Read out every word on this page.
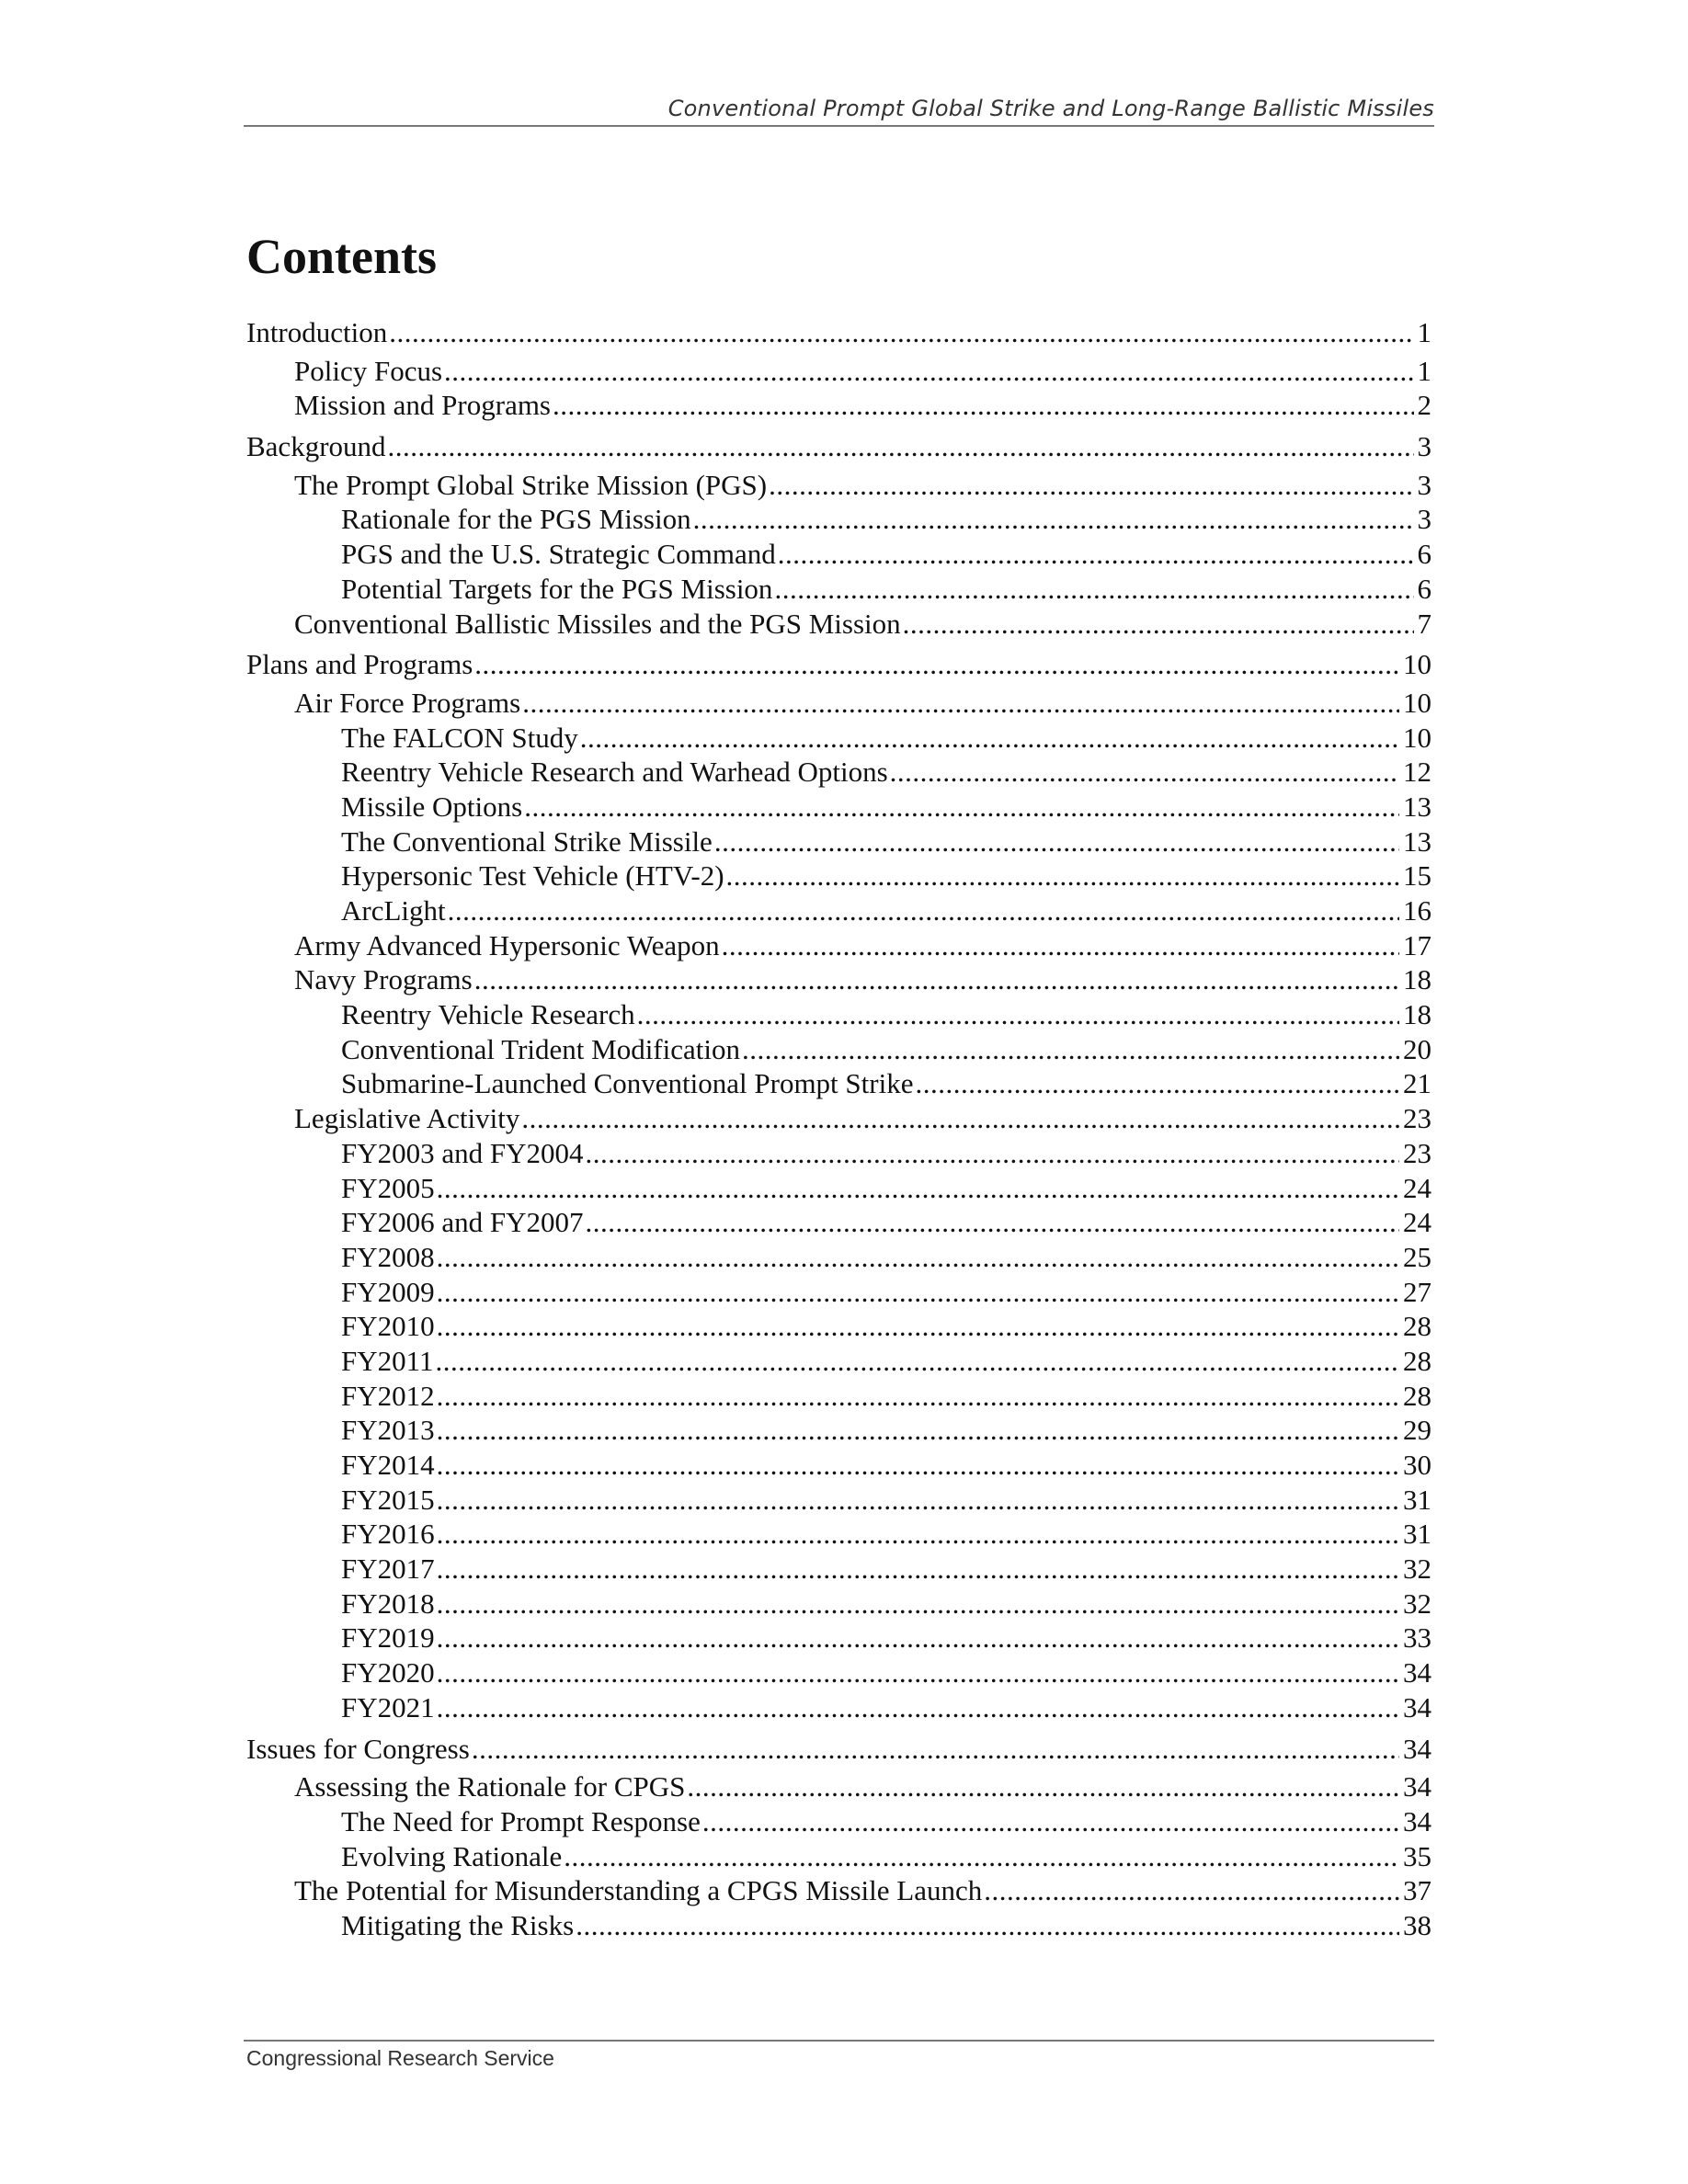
Conventional Prompt Global Strike and Long-Range Ballistic Missiles
Contents
Introduction .....	1
Policy Focus .....	1
Mission and Programs .....	2
Background .....	3
The Prompt Global Strike Mission (PGS) .....	3
Rationale for the PGS Mission .....	3
PGS and the U.S. Strategic Command .....	6
Potential Targets for the PGS Mission .....	6
Conventional Ballistic Missiles and the PGS Mission .....	7
Plans and Programs .....	10
Air Force Programs .....	10
The FALCON Study .....	10
Reentry Vehicle Research and Warhead Options .....	12
Missile Options .....	13
The Conventional Strike Missile .....	13
Hypersonic Test Vehicle (HTV-2) .....	15
ArcLight .....	16
Army Advanced Hypersonic Weapon .....	17
Navy Programs .....	18
Reentry Vehicle Research .....	18
Conventional Trident Modification .....	20
Submarine-Launched Conventional Prompt Strike .....	21
Legislative Activity .....	23
FY2003 and FY2004 .....	23
FY2005 .....	24
FY2006 and FY2007 .....	24
FY2008 .....	25
FY2009 .....	27
FY2010 .....	28
FY2011 .....	28
FY2012 .....	28
FY2013 .....	29
FY2014 .....	30
FY2015 .....	31
FY2016 .....	31
FY2017 .....	32
FY2018 .....	32
FY2019 .....	33
FY2020 .....	34
FY2021 .....	34
Issues for Congress .....	34
Assessing the Rationale for CPGS .....	34
The Need for Prompt Response .....	34
Evolving Rationale .....	35
The Potential for Misunderstanding a CPGS Missile Launch .....	37
Mitigating the Risks .....	38
Congressional Research Service
